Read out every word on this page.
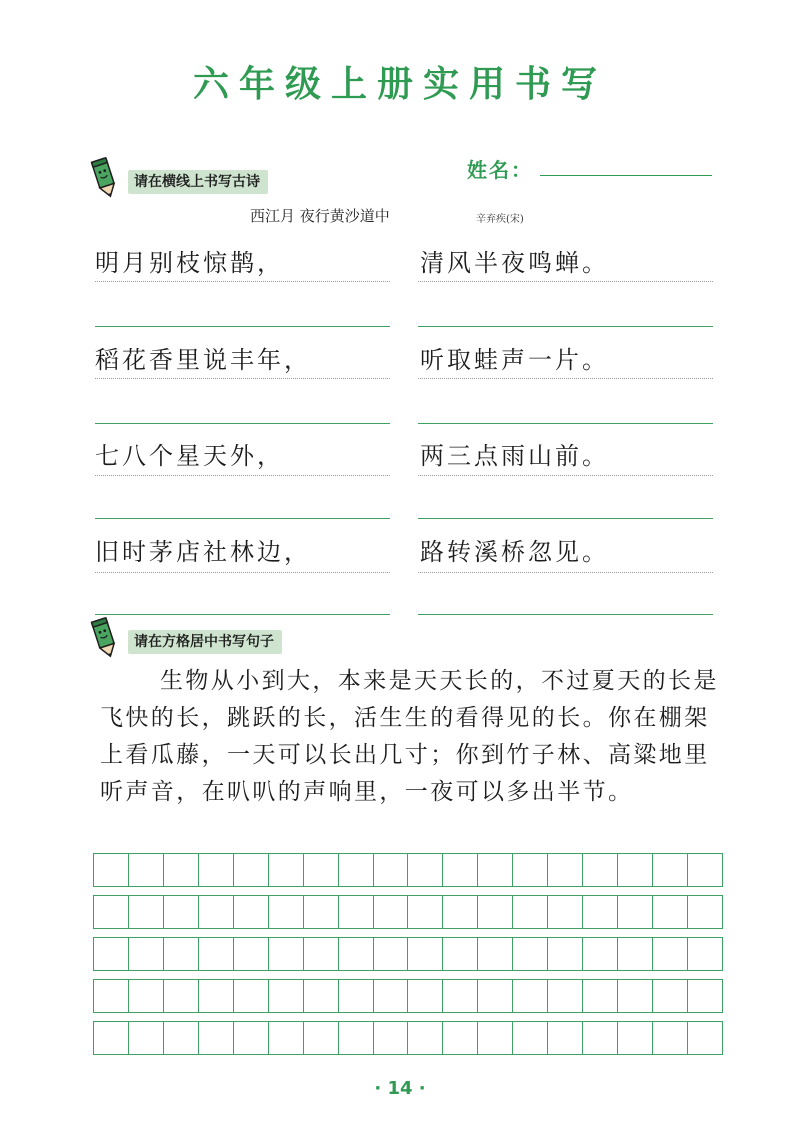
六年级上册实用书写
请在横线上书写古诗	姓名：
西江月 夜行黄沙道中	辛弃疾(宋)
明月别枝惊鹊，	清风半夜鸣蝉。
稻花香里说丰年，	听取蛙声一片。
七八个星天外，	两三点雨山前。
旧时茅店社林边，	路转溪桥忽见。
请在方格居中书写句子
生物从小到大，本来是天天长的，不过夏天的长是飞快的长，跳跃的长，活生生的看得见的长。你在棚架上看瓜藤，一天可以长出几寸；你到竹子林、高粱地里听声音，在叭叭的声响里，一夜可以多出半节。
· 14 ·
